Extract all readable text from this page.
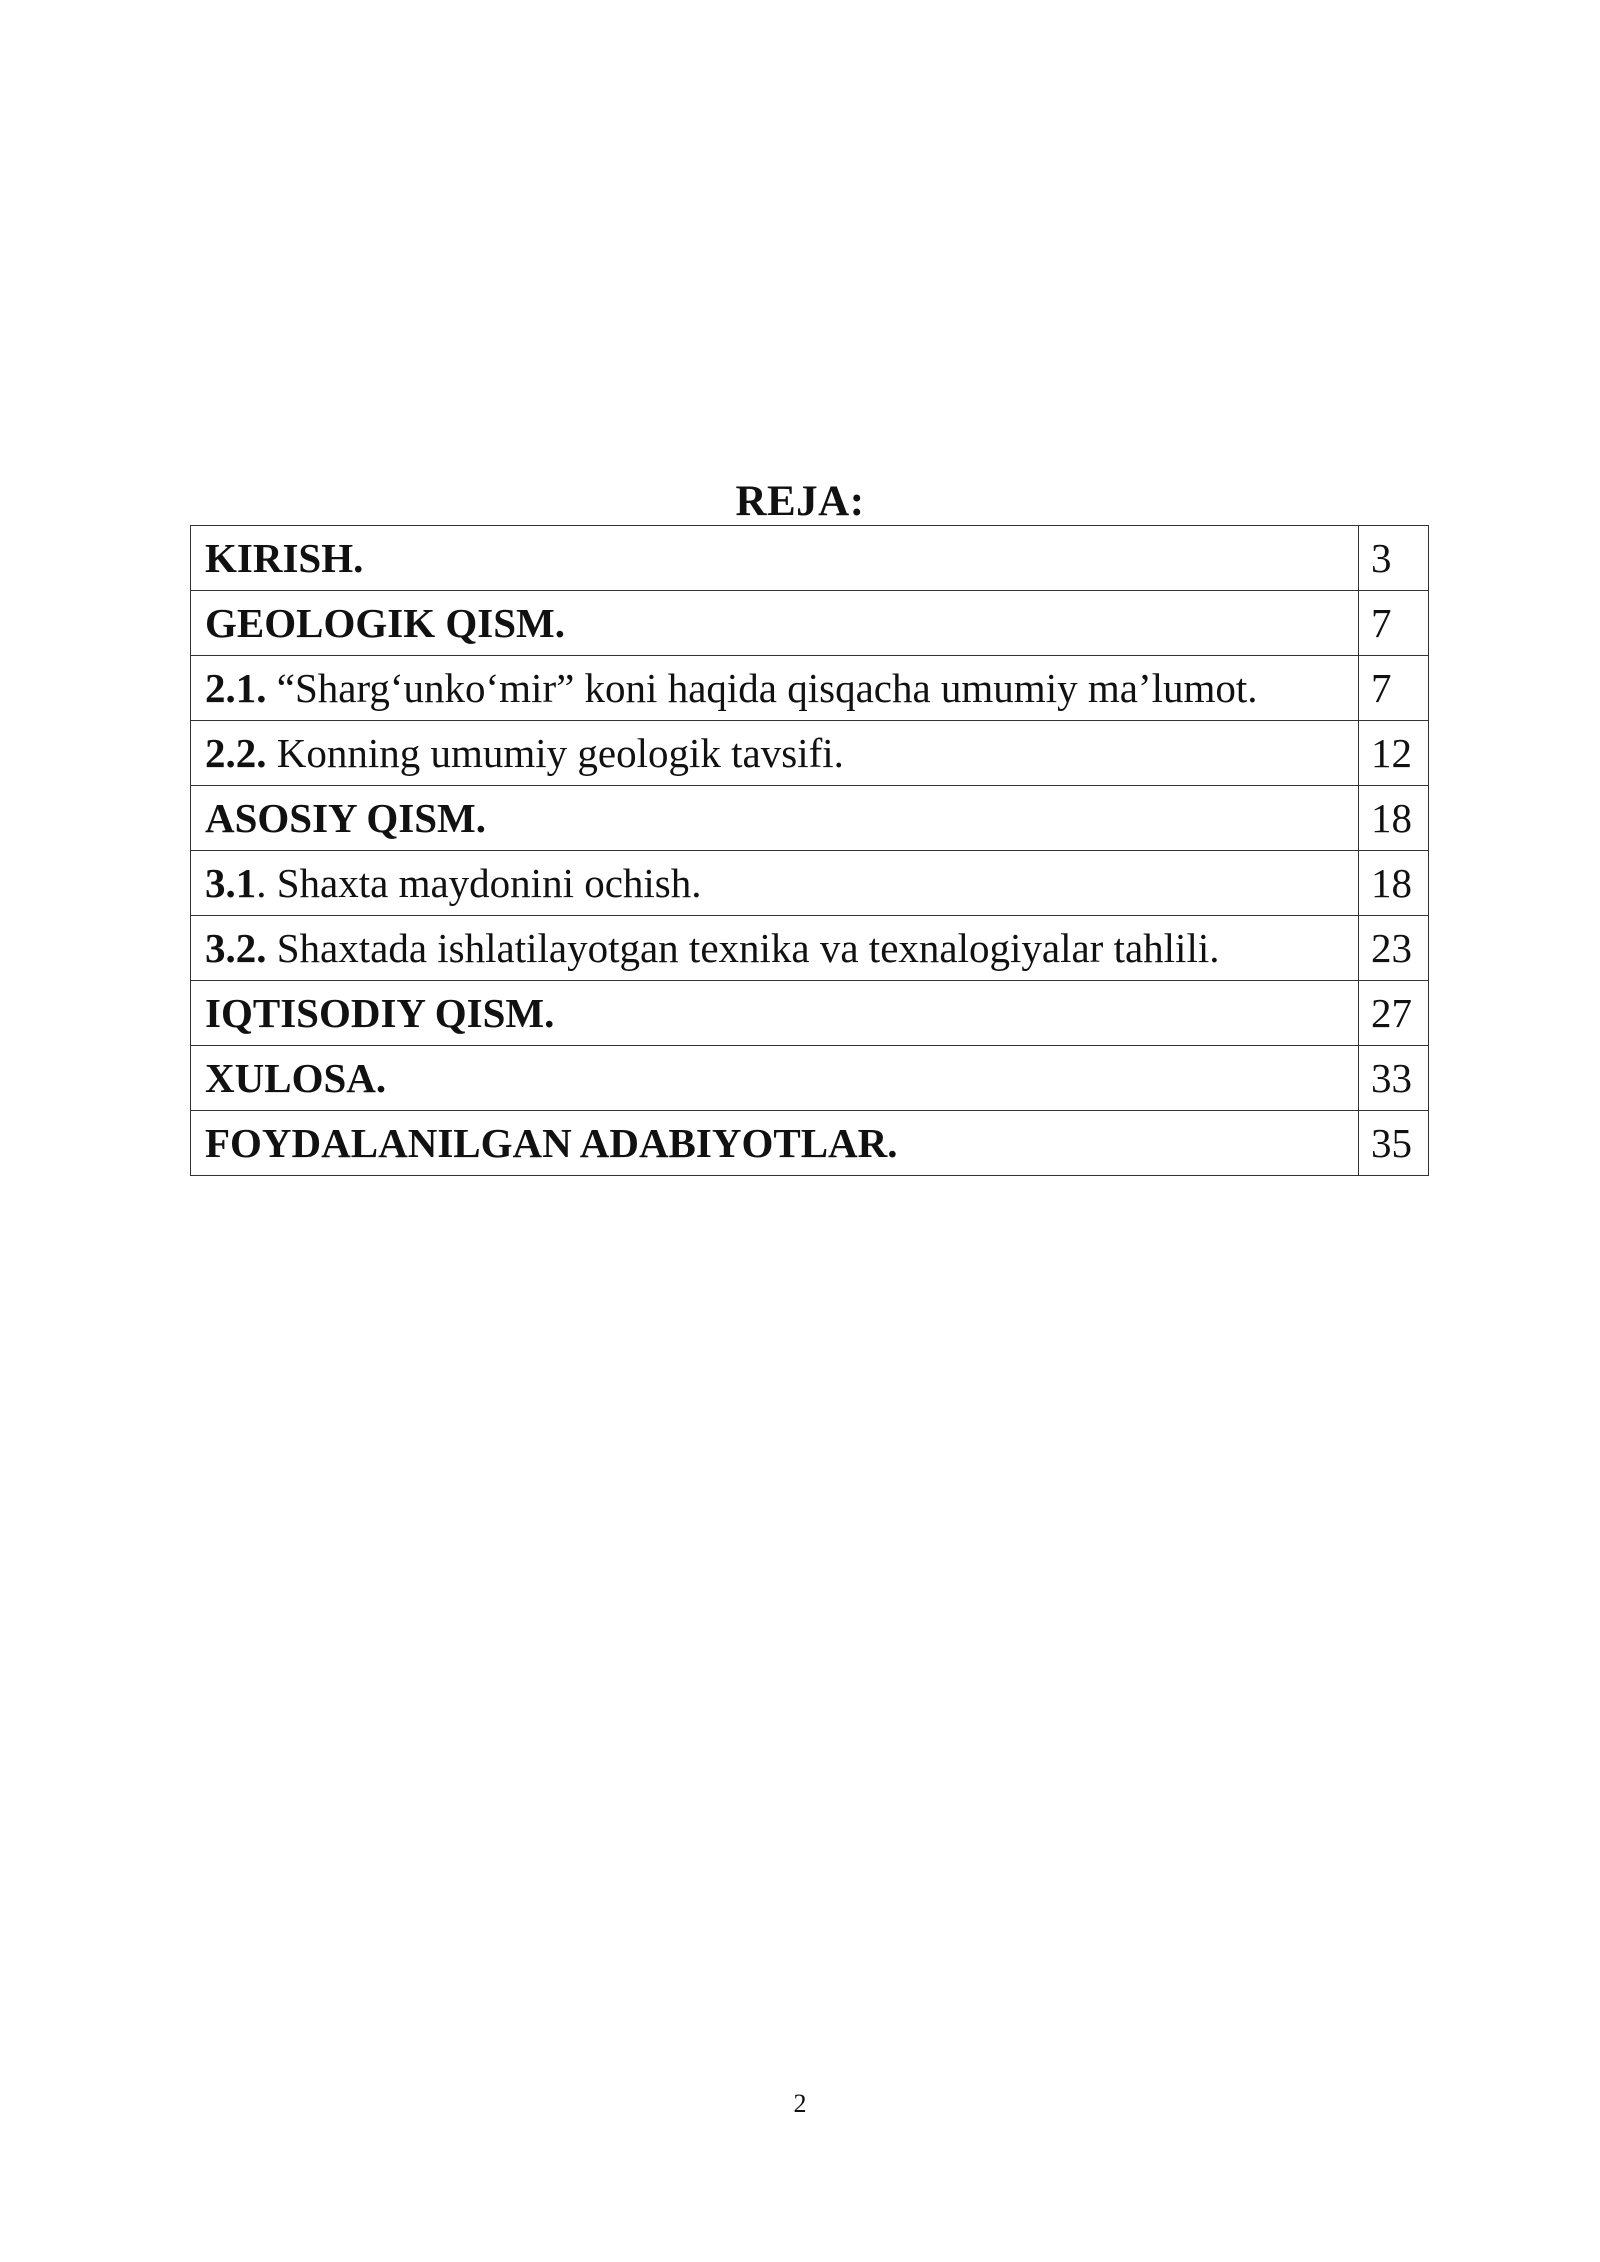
REJA:
KIRISH.	3
GEOLOGIK QISM.	7
2.1. “Sharg‘unko‘mir” koni haqida qisqacha umumiy ma’lumot.	7
2.2. Konning umumiy geologik tavsifi.	12
ASOSIY QISM.	18
3.1. Shaxta maydonini ochish.	18
3.2. Shaxtada ishlatilayotgan texnika va texnalogiyalar tahlili.	23
IQTISODIY QISM.	27
XULOSA.	33
FOYDALANILGAN ADABIYOTLAR.	35
2
